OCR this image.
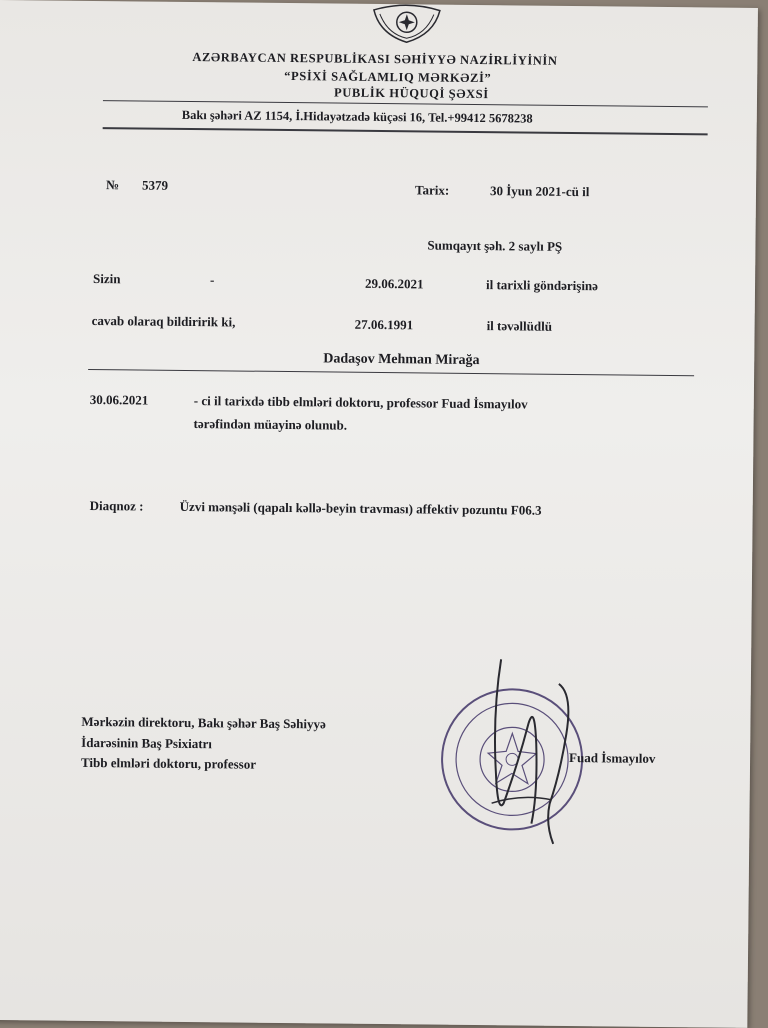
AZƏRBAYCAN RESPUBLİKASI SƏHİYYƏ NAZİRLİYİNİN
“PSİXİ SAĞLAMLIQ MƏRKƏZİ”
PUBLİK HÜQUQİ ŞƏXSİ
Bakı şəhəri AZ 1154, İ.Hidayətzadə küçəsi 16, Tel.+99412 5678238
№ 5379	Tarix:	30 İyun 2021-cü il
Sumqayıt şəh. 2 saylı PŞ
Sizin	-	29.06.2021	il tarixli göndərişinə
cavab olaraq bildiririk ki,	27.06.1991	il təvəllüdlü
Dadaşov Mehman Mirağa
30.06.2021	- ci il tarixdə tibb elmləri doktoru, professor Fuad İsmayılov
tərəfindən müayinə olunub.
Diaqnoz :	Üzvi mənşəli (qapalı kəllə-beyin travması) affektiv pozuntu F06.3
Mərkəzin direktoru, Bakı şəhər Baş Səhiyyə
İdarəsinin Baş Psixiatrı
Tibb elmləri doktoru, professor	Fuad İsmayılov
